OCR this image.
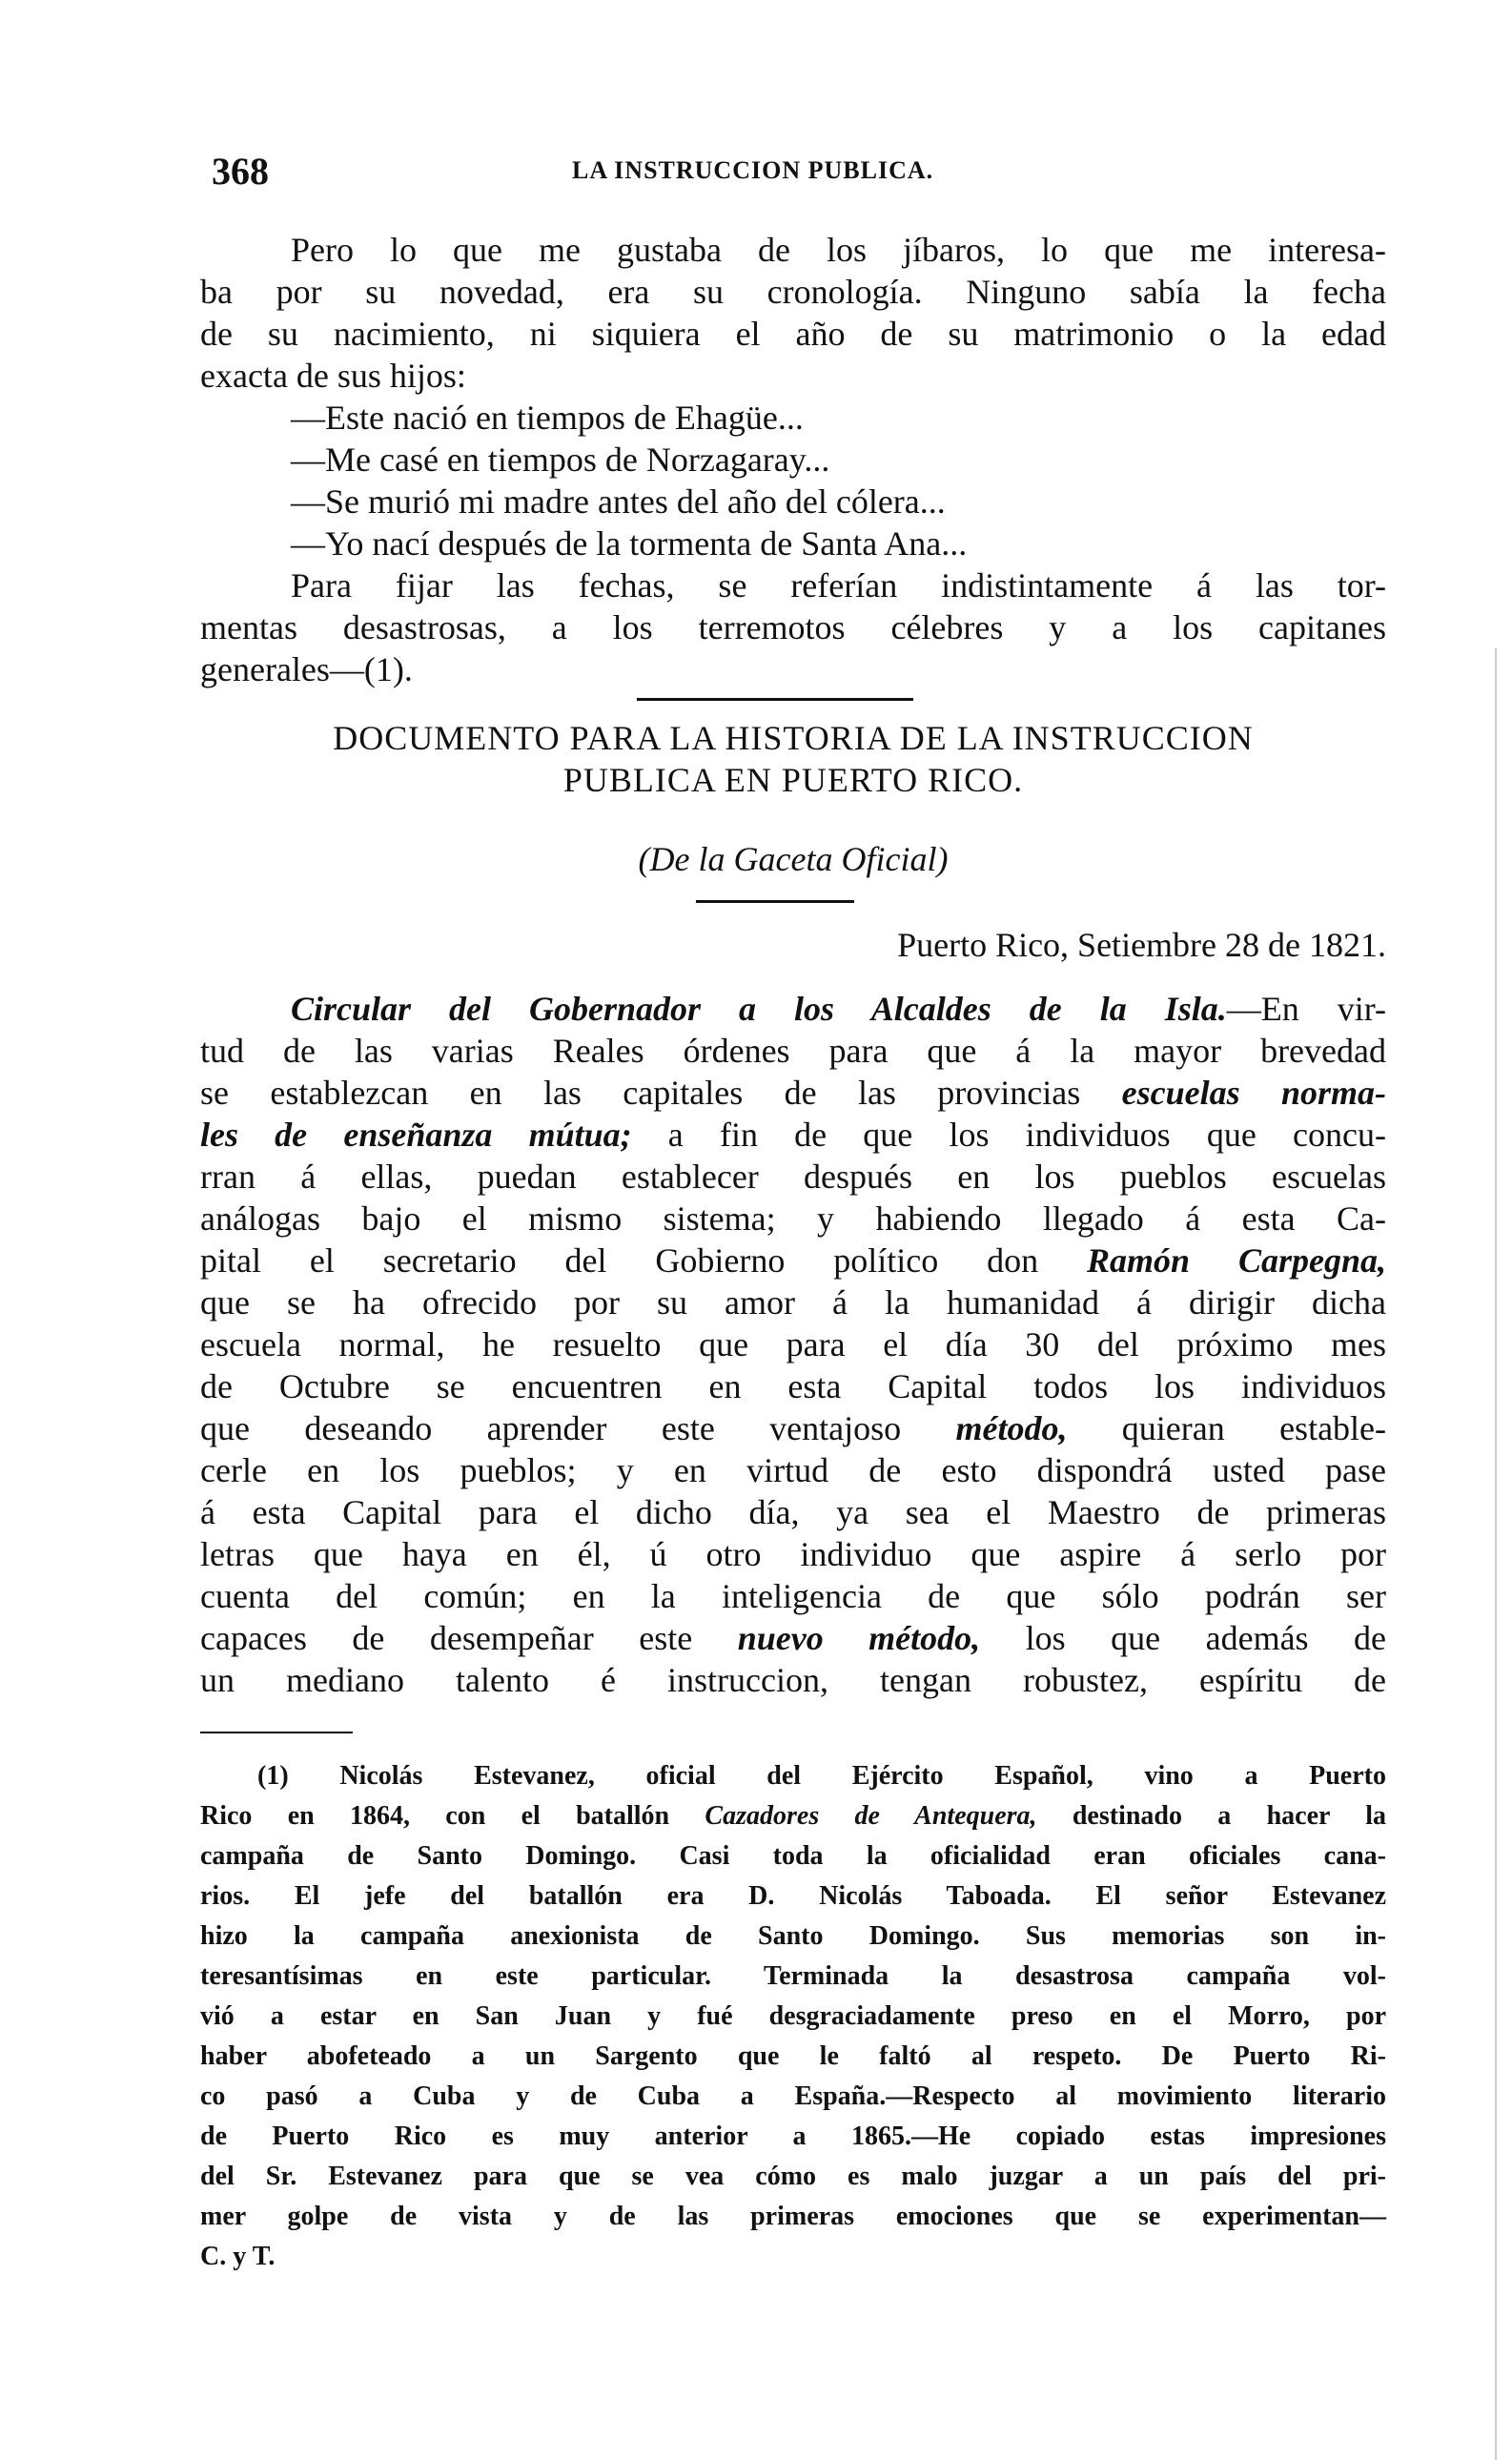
368	LA INSTRUCCION PUBLICA.
Pero lo que me gustaba de los jíbaros, lo que me interesa-
ba por su novedad, era su cronología. Ninguno sabía la fecha
de su nacimiento, ni siquiera el año de su matrimonio o la edad
exacta de sus hijos:
—Este nació en tiempos de Ehagüe...
—Me casé en tiempos de Norzagaray...
—Se murió mi madre antes del año del cólera...
—Yo nací después de la tormenta de Santa Ana...
Para fijar las fechas, se referían indistintamente á las tor-
mentas desastrosas, a los terremotos célebres y a los capitanes
generales—(1).
DOCUMENTO PARA LA HISTORIA DE LA INSTRUCCION
PUBLICA EN PUERTO RICO.
(De la Gaceta Oficial)
Puerto Rico, Setiembre 28 de 1821.
Circular del Gobernador a los Alcaldes de la Isla.—En vir-
tud de las varias Reales órdenes para que á la mayor brevedad
se establezcan en las capitales de las provincias escuelas norma-
les de enseñanza mútua; a fin de que los individuos que concu-
rran á ellas, puedan establecer después en los pueblos escuelas
análogas bajo el mismo sistema; y habiendo llegado á esta Ca-
pital el secretario del Gobierno político don Ramón Carpegna,
que se ha ofrecido por su amor á la humanidad á dirigir dicha
escuela normal, he resuelto que para el día 30 del próximo mes
de Octubre se encuentren en esta Capital todos los individuos
que deseando aprender este ventajoso método, quieran estable-
cerle en los pueblos; y en virtud de esto dispondrá usted pase
á esta Capital para el dicho día, ya sea el Maestro de primeras
letras que haya en él, ú otro individuo que aspire á serlo por
cuenta del común; en la inteligencia de que sólo podrán ser
capaces de desempeñar este nuevo método, los que además de
un mediano talento é instruccion, tengan robustez, espíritu de
(1) Nicolás Estevanez, oficial del Ejército Español, vino a Puerto
Rico en 1864, con el batallón Cazadores de Antequera, destinado a hacer la
campaña de Santo Domingo. Casi toda la oficialidad eran oficiales cana-
rios. El jefe del batallón era D. Nicolás Taboada. El señor Estevanez
hizo la campaña anexionista de Santo Domingo. Sus memorias son in-
teresantísimas en este particular. Terminada la desastrosa campaña vol-
vió a estar en San Juan y fué desgraciadamente preso en el Morro, por
haber abofeteado a un Sargento que le faltó al respeto. De Puerto Ri-
co pasó a Cuba y de Cuba a España.—Respecto al movimiento literario
de Puerto Rico es muy anterior a 1865.—He copiado estas impresiones
del Sr. Estevanez para que se vea cómo es malo juzgar a un país del pri-
mer golpe de vista y de las primeras emociones que se experimentan—
C. y T.
